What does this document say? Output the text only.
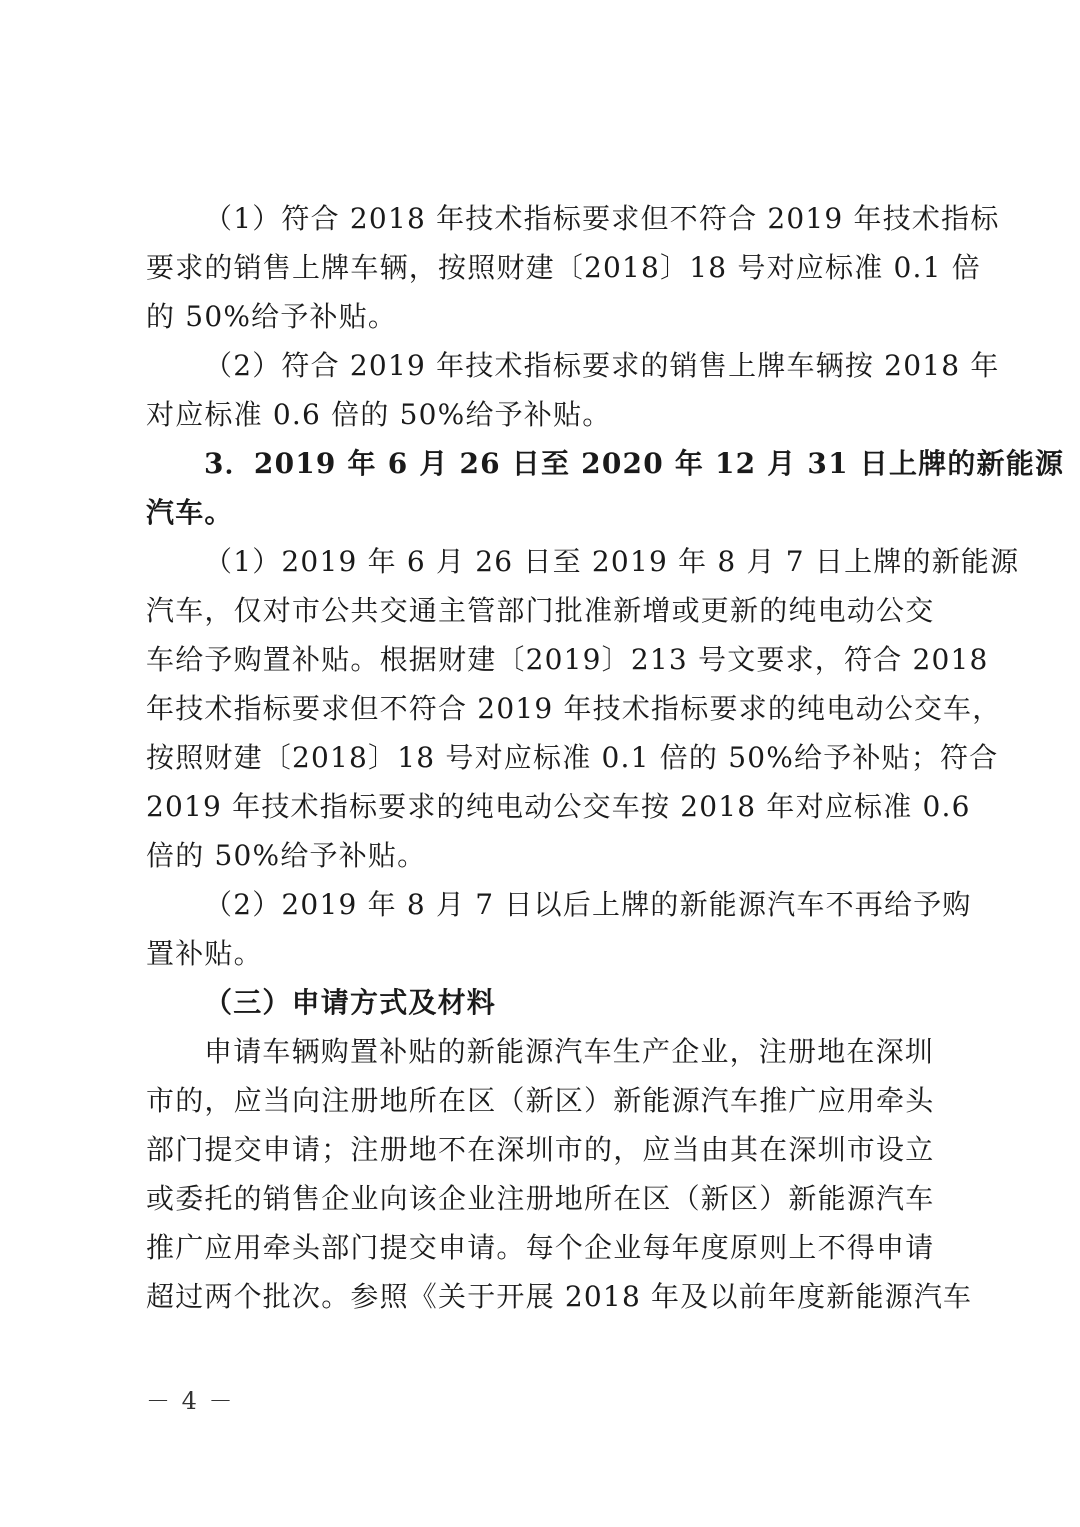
（1）符合 2018 年技术指标要求但不符合 2019 年技术指标
要求的销售上牌车辆，按照财建〔2018〕18 号对应标准 0.1 倍
的 50%给予补贴。
（2）符合 2019 年技术指标要求的销售上牌车辆按 2018 年
对应标准 0.6 倍的 50%给予补贴。
3．2019 年 6 月 26 日至 2020 年 12 月 31 日上牌的新能源
汽车。
（1）2019 年 6 月 26 日至 2019 年 8 月 7 日上牌的新能源
汽车，仅对市公共交通主管部门批准新增或更新的纯电动公交
车给予购置补贴。根据财建〔2019〕213 号文要求，符合 2018
年技术指标要求但不符合 2019 年技术指标要求的纯电动公交车，
按照财建〔2018〕18 号对应标准 0.1 倍的 50%给予补贴；符合
2019 年技术指标要求的纯电动公交车按 2018 年对应标准 0.6
倍的 50%给予补贴。
（2）2019 年 8 月 7 日以后上牌的新能源汽车不再给予购
置补贴。
（三）申请方式及材料
申请车辆购置补贴的新能源汽车生产企业，注册地在深圳
市的，应当向注册地所在区（新区）新能源汽车推广应用牵头
部门提交申请；注册地不在深圳市的，应当由其在深圳市设立
或委托的销售企业向该企业注册地所在区（新区）新能源汽车
推广应用牵头部门提交申请。每个企业每年度原则上不得申请
超过两个批次。参照《关于开展 2018 年及以前年度新能源汽车
－ 4 －
